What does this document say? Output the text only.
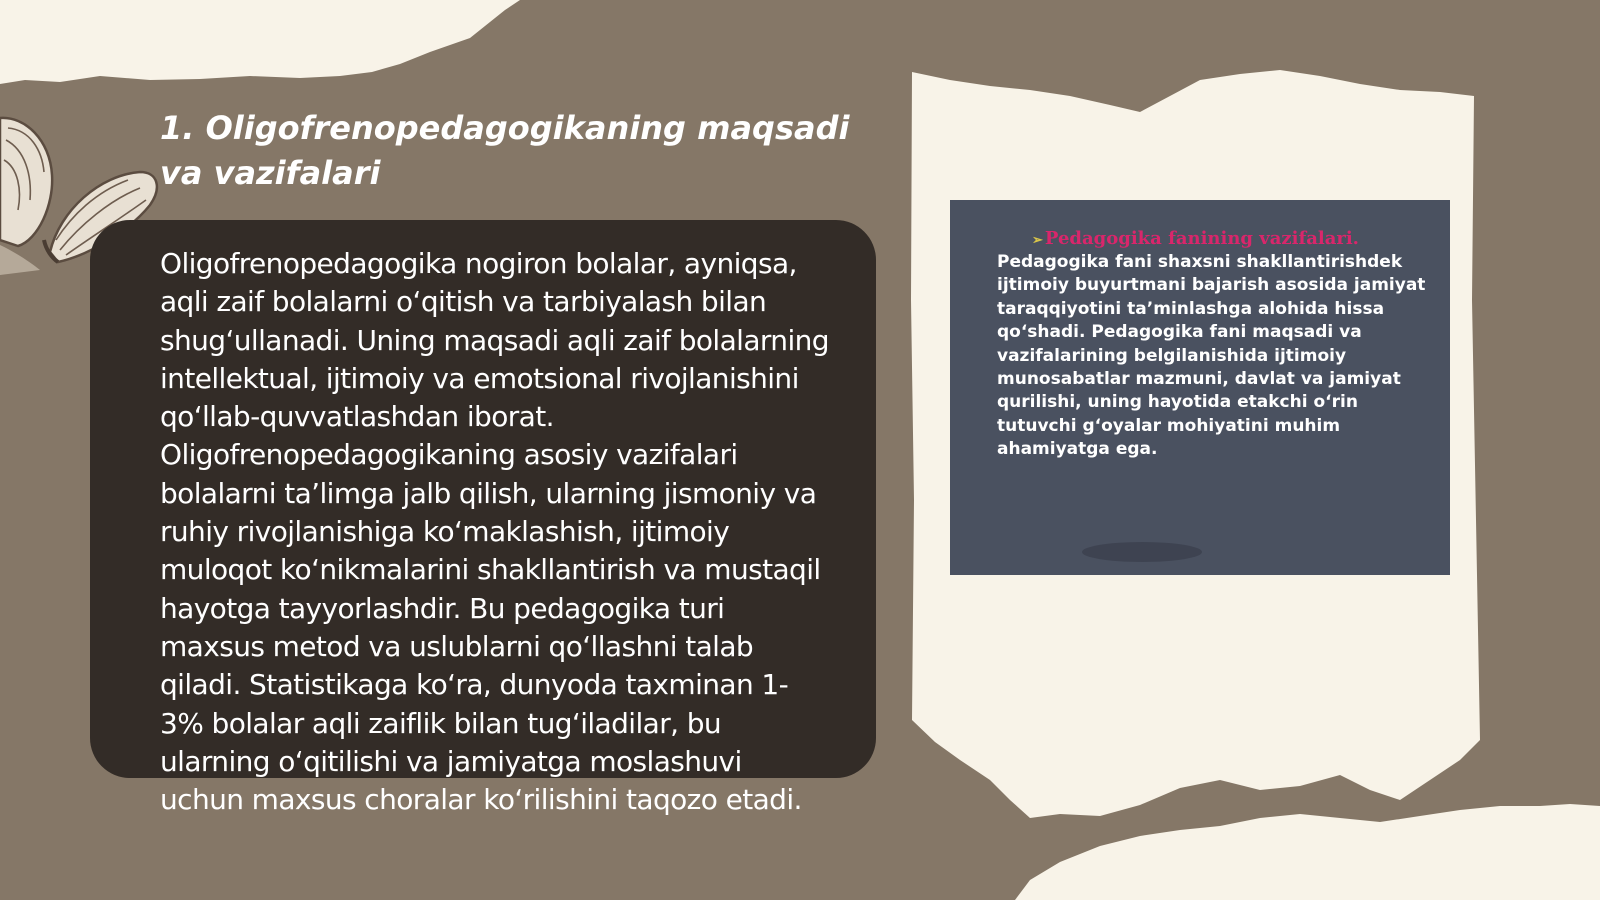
1. Oligofrenopedagogikaning maqsadi va vazifalari

Oligofrenopedagogika nogiron bolalar, ayniqsa, aqli zaif bolalarni o‘qitish va tarbiyalash bilan shug‘ullanadi. Uning maqsadi aqli zaif bolalarning intellektual, ijtimoiy va emotsional rivojlanishini qo‘llab-quvvatlashdan iborat. Oligofrenopedagogikaning asosiy vazifalari bolalarni ta’limga jalb qilish, ularning jismoniy va ruhiy rivojlanishiga ko‘maklashish, ijtimoiy muloqot ko‘nikmalarini shakllantirish va mustaqil hayotga tayyorlashdir. Bu pedagogika turi maxsus metod va uslublarni qo‘llashni talab qiladi. Statistikaga ko‘ra, dunyoda taxminan 1-3% bolalar aqli zaiflik bilan tug‘iladilar, bu ularning o‘qitilishi va jamiyatga moslashuvi uchun maxsus choralar ko‘rilishini taqozo etadi.

➢ Pedagogika fanining vazifalari.

Pedagogika fani shaxsni shakllantirishdek ijtimoiy buyurtmani bajarish asosida jamiyat taraqqiyotini ta’minlashga alohida hissa qo‘shadi. Pedagogika fani maqsadi va vazifalarining belgilanishida ijtimoiy munosabatlar mazmuni, davlat va jamiyat qurilishi, uning hayotida etakchi o‘rin tutuvchi g‘oyalar mohiyatini muhim ahamiyatga ega.
